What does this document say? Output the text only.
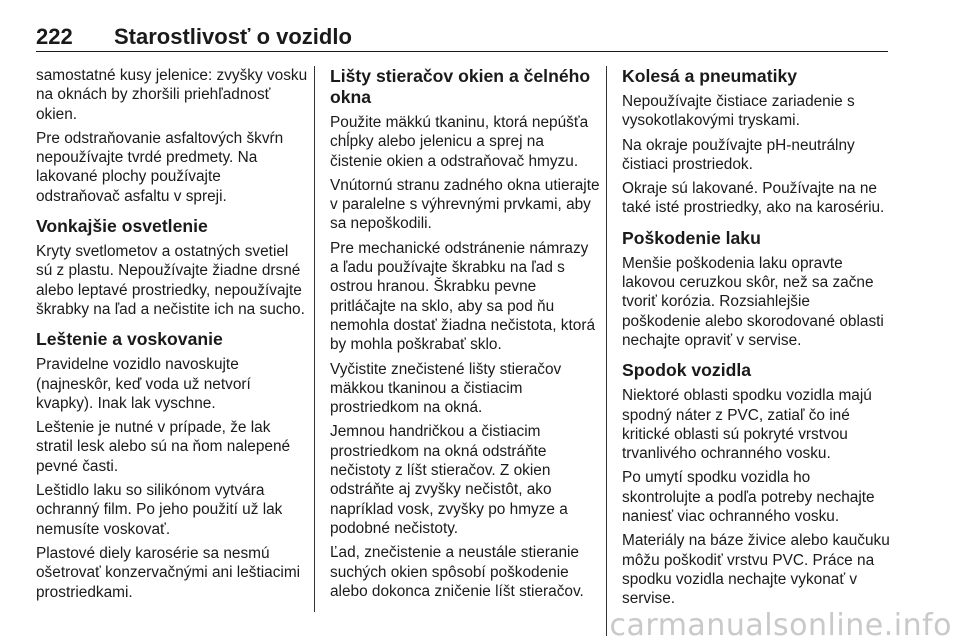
222 Starostlivosť o vozidlo

samostatné kusy jelenice: zvyšky vosku na oknách by zhoršili priehľadnosť okien.

Pre odstraňovanie asfaltových škvŕn nepoužívajte tvrdé predmety. Na lakované plochy používajte odstraňovač asfaltu v spreji.

Vonkajšie osvetlenie

Kryty svetlometov a ostatných svetiel sú z plastu. Nepoužívajte žiadne drsné alebo leptavé prostriedky, nepoužívajte škrabky na ľad a nečistite ich na sucho.

Leštenie a voskovanie

Pravidelne vozidlo navoskujte (najneskôr, keď voda už netvorí kvapky). Inak lak vyschne.

Leštenie je nutné v prípade, že lak stratil lesk alebo sú na ňom nalepené pevné časti.

Leštidlo laku so silikónom vytvára ochranný film. Po jeho použití už lak nemusíte voskovať.

Plastové diely karosérie sa nesmú ošetrovať konzervačnými ani leštiacimi prostriedkami.

Lišty stieračov okien a čelného okna

Použite mäkkú tkaninu, ktorá nepúšťa chĺpky alebo jelenicu a sprej na čistenie okien a odstraňovač hmyzu.

Vnútornú stranu zadného okna utierajte v paralelne s výhrevnými prvkami, aby sa nepoškodili.

Pre mechanické odstránenie námrazy a ľadu používajte škrabku na ľad s ostrou hranou. Škrabku pevne pritláčajte na sklo, aby sa pod ňu nemohla dostať žiadna nečistota, ktorá by mohla poškrabať sklo.

Vyčistite znečistené lišty stieračov mäkkou tkaninou a čistiacim prostriedkom na okná.

Jemnou handričkou a čistiacim prostriedkom na okná odstráňte nečistoty z líšt stieračov. Z okien odstráňte aj zvyšky nečistôt, ako napríklad vosk, zvyšky po hmyze a podobné nečistoty.

Ľad, znečistenie a neustále stieranie suchých okien spôsobí poškodenie alebo dokonca zničenie líšt stieračov.

Kolesá a pneumatiky

Nepoužívajte čistiace zariadenie s vysokotlakovými tryskami.

Na okraje používajte pH-neutrálny čistiaci prostriedok.

Okraje sú lakované. Používajte na ne také isté prostriedky, ako na karosériu.

Poškodenie laku

Menšie poškodenia laku opravte lakovou ceruzkou skôr, než sa začne tvoriť korózia. Rozsiahlejšie poškodenie alebo skorodované oblasti nechajte opraviť v servise.

Spodok vozidla

Niektoré oblasti spodku vozidla majú spodný náter z PVC, zatiaľ čo iné kritické oblasti sú pokryté vrstvou trvanlivého ochranného vosku.

Po umytí spodku vozidla ho skontrolujte a podľa potreby nechajte naniesť viac ochranného vosku.

Materiály na báze živice alebo kaučuku môžu poškodiť vrstvu PVC. Práce na spodku vozidla nechajte vykonať v servise.

carmanualsonline.info
